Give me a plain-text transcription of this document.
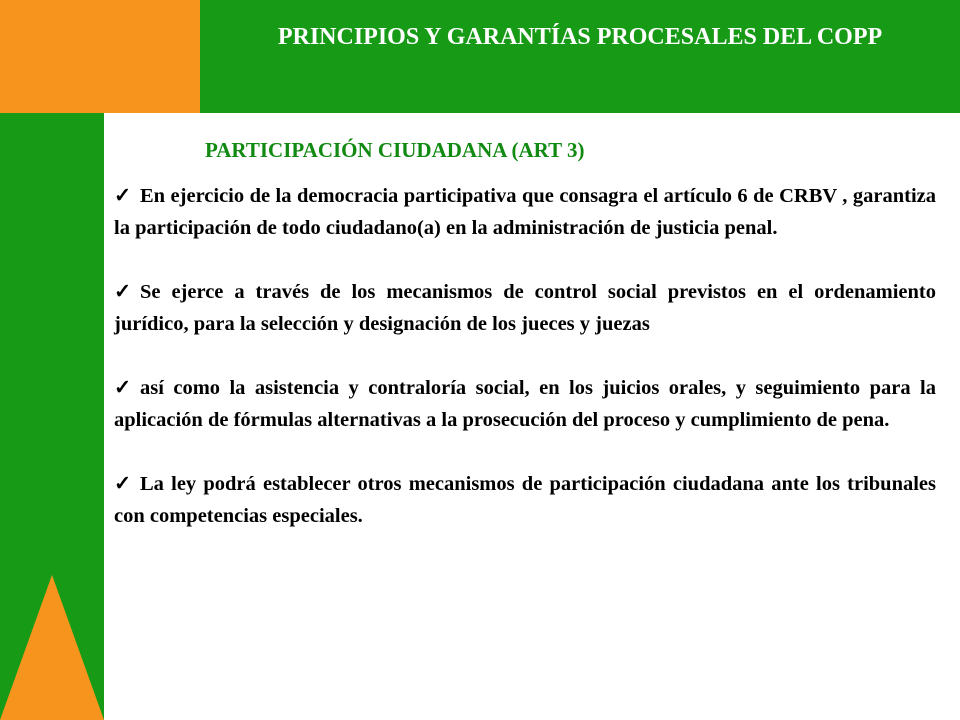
PRINCIPIOS Y GARANTÍAS PROCESALES DEL COPP
PARTICIPACIÓN CIUDADANA (ART 3)

✓ En ejercicio de la democracia participativa que consagra el artículo 6 de CRBV , garantiza la participación de todo ciudadano(a) en la administración de justicia penal.

✓ Se ejerce a través de los mecanismos de control social previstos en el ordenamiento jurídico, para la selección y designación de los jueces y juezas

✓ así como la asistencia y contraloría social, en los juicios orales, y seguimiento para la aplicación de fórmulas alternativas a la prosecución del proceso y cumplimiento de pena.

✓ La ley podrá establecer otros mecanismos de participación ciudadana ante los tribunales con competencias especiales.
